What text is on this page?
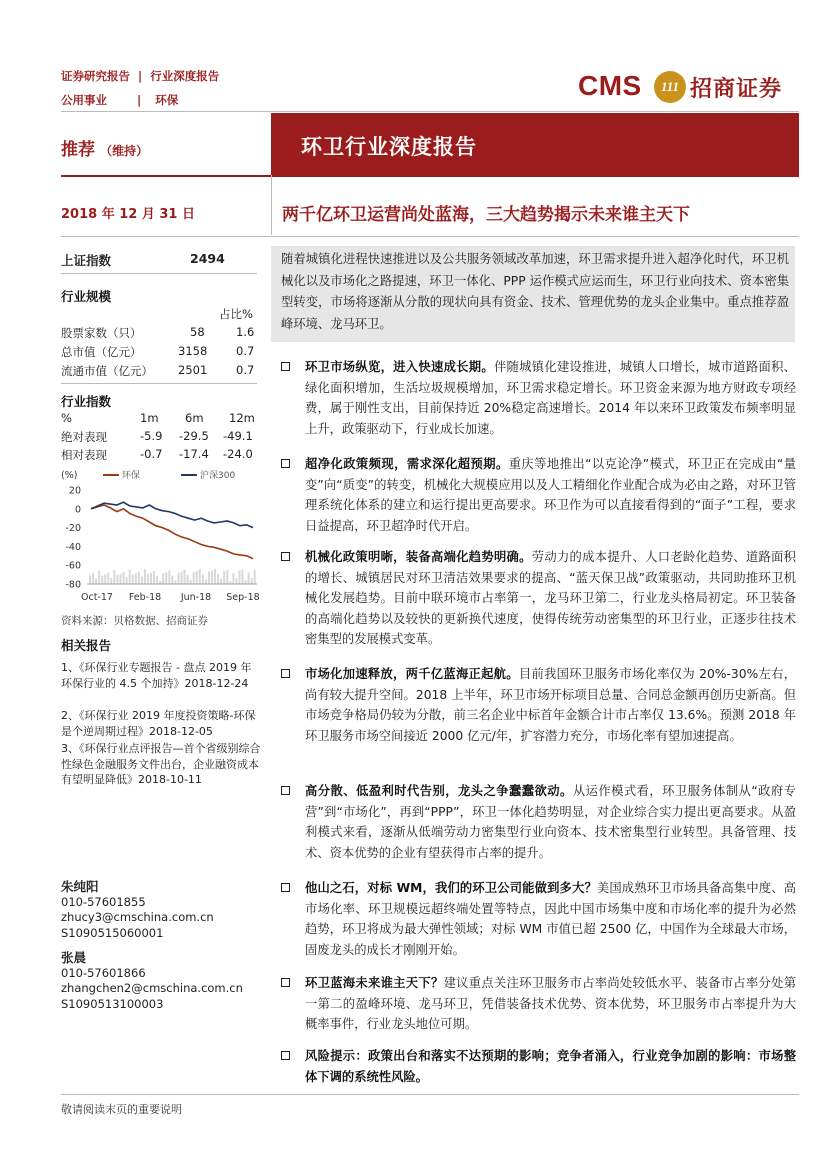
证券研究报告 | 行业深度报告
公用事业	| 环保	CMS	111 招商证券
推荐 （维持）	环卫行业深度报告
2018 年 12 月 31 日	两千亿环卫运营尚处蓝海，三大趋势揭示未来谁主天下
随着城镇化进程快速推进以及公共服务领域改革加速，环卫需求提升进入超净化时代，环卫机械化以及市场化之路提速，环卫一体化、PPP 运作模式应运而生，环卫行业向技术、资本密集型转变，市场将逐渐从分散的现状向具有资金、技术、管理优势的龙头企业集中。重点推荐盈峰环境、龙马环卫。
上证指数	2494
行业规模
占比%
股票家数（只）	58	1.6
总市值（亿元）	3158 0.7
流通市值（亿元） 2501 0.7
行业指数
%	1m 6m 12m
绝对表现	-5.9 -29.5 -49.1
相对表现	-0.7 -17.4 -24.0
(%)	环保	沪深300
20
0
-20
-40
-60
-80
Oct-17 Feb-18 Jun-18 Sep-18
资料来源：贝格数据、招商证券
相关报告
1、《环保行业专题报告 - 盘点 2019 年环保行业的 4.5 个加持》2018-12-24
2、《环保行业 2019 年度投资策略-环保是个逆周期过程》2018-12-05
3、《环保行业点评报告—首个省级别综合性绿色金融服务文件出台，企业融资成本有望明显降低》2018-10-11
朱纯阳
010-57601855
zhucy3@cmschina.com.cn
S1090515060001
张晨
010-57601866
zhangchen2@cmschina.com.cn
S1090513100003
环卫市场纵览，进入快速成长期。伴随城镇化建设推进，城镇人口增长，城市道路面积、绿化面积增加，生活垃圾规模增加，环卫需求稳定增长。环卫资金来源为地方财政专项经费，属于刚性支出，目前保持近 20%稳定高速增长。2014 年以来环卫政策发布频率明显上升，政策驱动下，行业成长加速。
超净化政策频现，需求深化超预期。重庆等地推出“以克论净”模式，环卫正在完成由“量变”向“质变”的转变，机械化大规模应用以及人工精细化作业配合成为必由之路，对环卫管理系统化体系的建立和运行提出更高要求。环卫作为可以直接看得到的“面子”工程，要求日益提高，环卫超净时代开启。
机械化政策明晰，装备高端化趋势明确。劳动力的成本提升、人口老龄化趋势、道路面积的增长、城镇居民对环卫清洁效果要求的提高、“蓝天保卫战”政策驱动，共同助推环卫机械化发展趋势。目前中联环境市占率第一，龙马环卫第二，行业龙头格局初定。环卫装备的高端化趋势以及较快的更新换代速度，使得传统劳动密集型的环卫行业，正逐步往技术密集型的发展模式变革。
市场化加速释放，两千亿蓝海正起航。目前我国环卫服务市场化率仅为 20%-30%左右，尚有较大提升空间。2018 上半年，环卫市场开标项目总量、合同总金额再创历史新高。但市场竞争格局仍较为分散，前三名企业中标首年金额合计市占率仅 13.6%。预测 2018 年环卫服务市场空间接近 2000 亿元/年，扩容潜力充分，市场化率有望加速提高。
高分散、低盈利时代告别，龙头之争蠢蠢欲动。从运作模式看，环卫服务体制从“政府专营”到“市场化”，再到“PPP”，环卫一体化趋势明显，对企业综合实力提出更高要求。从盈利模式来看，逐渐从低端劳动力密集型行业向资本、技术密集型行业转型。具备管理、技术、资本优势的企业有望获得市占率的提升。
他山之石，对标 WM，我们的环卫公司能做到多大？美国成熟环卫市场具备高集中度、高市场化率、环卫规模远超终端处置等特点，因此中国市场集中度和市场化率的提升为必然趋势，环卫将成为最大弹性领域；对标 WM 市值已超 2500 亿，中国作为全球最大市场，固废龙头的成长才刚刚开始。
环卫蓝海未来谁主天下？建议重点关注环卫服务市占率尚处较低水平、装备市占率分处第一第二的盈峰环境、龙马环卫，凭借装备技术优势、资本优势，环卫服务市占率提升为大概率事件，行业龙头地位可期。
风险提示：政策出台和落实不达预期的影响；竞争者涌入，行业竞争加剧的影响：市场整体下调的系统性风险。
敬请阅读末页的重要说明
